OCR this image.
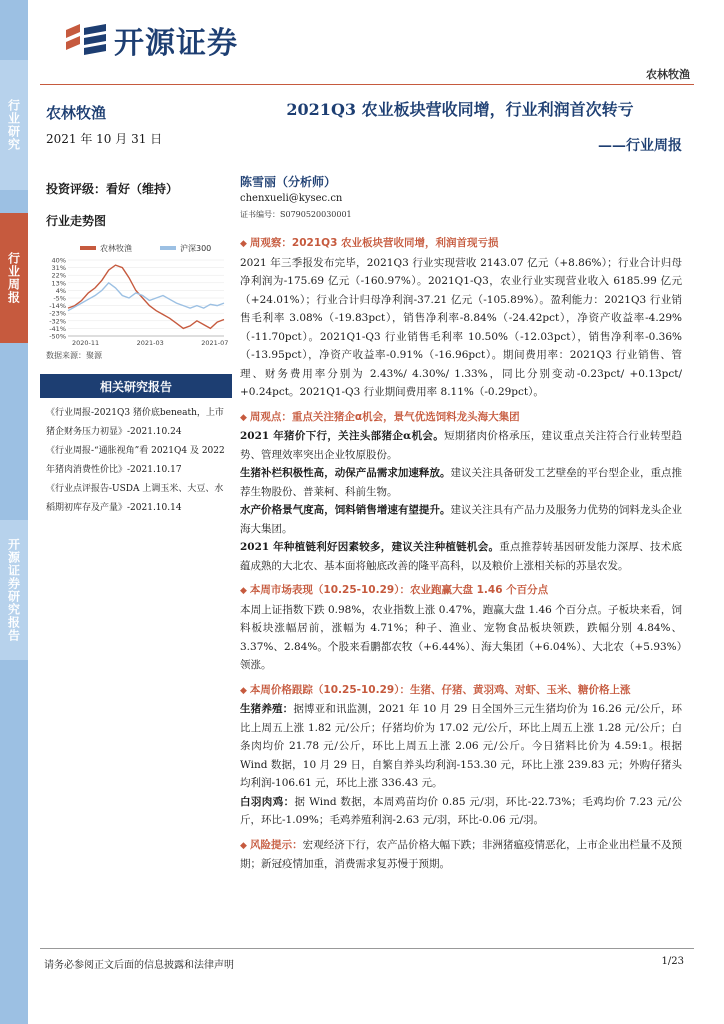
行业研究
行业周报
开源证券研究报告
开源证券
农林牧渔
农林牧渔
2021 年 10 月 31 日
投资评级：看好（维持）
行业走势图
农林牧渔	沪深300
40%
31%
22%
13%
4%
-5%
-14%
-23%
-32%
-41%
-50%
2020-11	2021-03	2021-07
数据来源：聚源
相关研究报告
《行业周报-2021Q3 猪价底beneath，上市猪企财务压力初显》-2021.10.24
《行业周报-“通胀视角”看 2021Q4 及 2022 年猪肉消费性价比》-2021.10.17
《行业点评报告-USDA 上调玉米、大豆、水稻期初库存及产量》-2021.10.14
2021Q3 农业板块营收同增，行业利润首次转亏
——行业周报
陈雪丽（分析师）
chenxueli@kysec.cn
证书编号：S0790520030001

◆ 周观察：2021Q3 农业板块营收同增，利润首现亏损

2021 年三季报发布完毕，2021Q3 行业实现营收 2143.07 亿元（+8.86%）；行业合计归母净利润为-175.69 亿元（-160.97%）。2021Q1-Q3，农业行业实现营业收入 6185.99 亿元（+24.01%）；行业合计归母净利润-37.21 亿元（-105.89%）。盈利能力：2021Q3 行业销售毛利率 3.08%（-19.83pct），销售净利率-8.84%（-24.42pct），净资产收益率-4.29%（-11.70pct）。2021Q1-Q3 行业销售毛利率 10.50%（-12.03pct），销售净利率-0.36%（-13.95pct），净资产收益率-0.91%（-16.96pct）。期间费用率：2021Q3 行业销售、管理、财务费用率分别为 2.43%/ 4.30%/ 1.33%，同比分别变动-0.23pct/ +0.13pct/ +0.24pct。2021Q1-Q3 行业期间费用率 8.11%（-0.29pct）。

◆ 周观点：重点关注猪企α机会，景气优选饲料龙头海大集团

2021 年猪价下行，关注头部猪企α机会。短期猪肉价格承压，建议重点关注符合行业转型趋势、管理效率突出企业牧原股份。

生猪补栏积极性高，动保产品需求加速释放。建议关注具备研发工艺壁垒的平台型企业，重点推荐生物股份、普莱柯、科前生物。

水产价格景气度高，饲料销售增速有望提升。建议关注具有产品力及服务力优势的饲料龙头企业海大集团。

2021 年种植链利好因素较多，建议关注种植链机会。重点推荐转基因研发能力深厚、技术底蕴成熟的大北农、基本面将触底改善的隆平高科，以及粮价上涨相关标的苏垦农发。

◆ 本周市场表现（10.25-10.29）：农业跑赢大盘 1.46 个百分点

本周上证指数下跌 0.98%，农业指数上涨 0.47%，跑赢大盘 1.46 个百分点。子板块来看，饲料板块涨幅居前，涨幅为 4.71%；种子、渔业、宠物食品板块领跌，跌幅分别 4.84%、3.37%、2.84%。个股来看鹏都农牧（+6.44%）、海大集团（+6.04%）、大北农（+5.93%）领涨。

◆ 本周价格跟踪（10.25-10.29）：生猪、仔猪、黄羽鸡、对虾、玉米、糖价格上涨

生猪养殖：据博亚和讯监测，2021 年 10 月 29 日全国外三元生猪均价为 16.26 元/公斤，环比上周五上涨 1.82 元/公斤；仔猪均价为 17.02 元/公斤，环比上周五上涨 1.28 元/公斤；白条肉均价 21.78 元/公斤，环比上周五上涨 2.06 元/公斤。今日猪料比价为 4.59:1。根据 Wind 数据，10 月 29 日，自繁自养头均利润-153.30 元，环比上涨 239.83 元；外购仔猪头均利润-106.61 元，环比上涨 336.43 元。

白羽肉鸡：据 Wind 数据，本周鸡苗均价 0.85 元/羽，环比-22.73%；毛鸡均价 7.23 元/公斤，环比-1.09%；毛鸡养殖利润-2.63 元/羽，环比-0.06 元/羽。

◆ 风险提示：宏观经济下行，农产品价格大幅下跌；非洲猪瘟疫情恶化，上市企业出栏量不及预期；新冠疫情加重，消费需求复苏慢于预期。

请务必参阅正文后面的信息披露和法律声明	1/23
